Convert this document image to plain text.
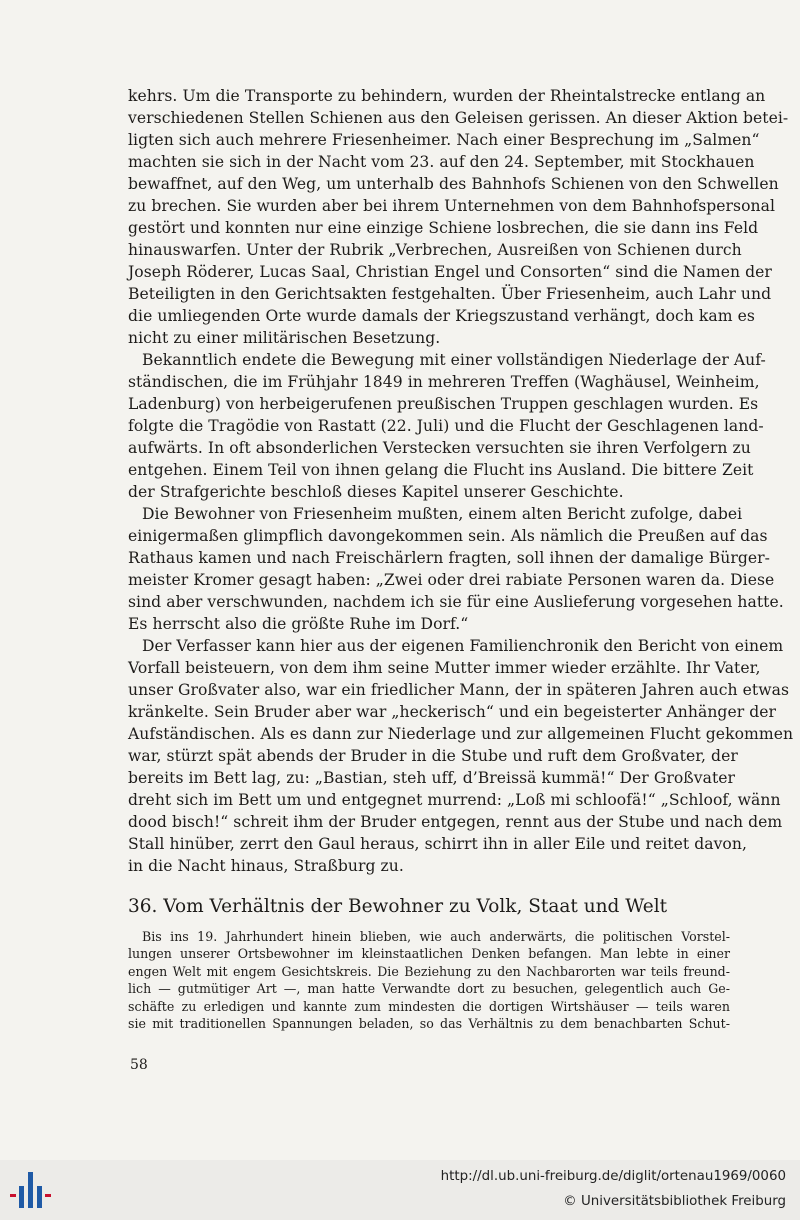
kehrs. Um die Transporte zu behindern, wurden der Rheintalstrecke entlang an
verschiedenen Stellen Schienen aus den Geleisen gerissen. An dieser Aktion betei-
ligten sich auch mehrere Friesenheimer. Nach einer Besprechung im „Salmen“
machten sie sich in der Nacht vom 23. auf den 24. September, mit Stockhauen
bewaffnet, auf den Weg, um unterhalb des Bahnhofs Schienen von den Schwellen
zu brechen. Sie wurden aber bei ihrem Unternehmen von dem Bahnhofspersonal
gestört und konnten nur eine einzige Schiene losbrechen, die sie dann ins Feld
hinauswarfen. Unter der Rubrik „Verbrechen, Ausreißen von Schienen durch
Joseph Röderer, Lucas Saal, Christian Engel und Consorten“ sind die Namen der
Beteiligten in den Gerichtsakten festgehalten. Über Friesenheim, auch Lahr und
die umliegenden Orte wurde damals der Kriegszustand verhängt, doch kam es
nicht zu einer militärischen Besetzung.
Bekanntlich endete die Bewegung mit einer vollständigen Niederlage der Auf-
ständischen, die im Frühjahr 1849 in mehreren Treffen (Waghäusel, Weinheim,
Ladenburg) von herbeigerufenen preußischen Truppen geschlagen wurden. Es
folgte die Tragödie von Rastatt (22. Juli) und die Flucht der Geschlagenen land-
aufwärts. In oft absonderlichen Verstecken versuchten sie ihren Verfolgern zu
entgehen. Einem Teil von ihnen gelang die Flucht ins Ausland. Die bittere Zeit
der Strafgerichte beschloß dieses Kapitel unserer Geschichte.
Die Bewohner von Friesenheim mußten, einem alten Bericht zufolge, dabei
einigermaßen glimpflich davongekommen sein. Als nämlich die Preußen auf das
Rathaus kamen und nach Freischärlern fragten, soll ihnen der damalige Bürger-
meister Kromer gesagt haben: „Zwei oder drei rabiate Personen waren da. Diese
sind aber verschwunden, nachdem ich sie für eine Auslieferung vorgesehen hatte.
Es herrscht also die größte Ruhe im Dorf.“
Der Verfasser kann hier aus der eigenen Familienchronik den Bericht von einem
Vorfall beisteuern, von dem ihm seine Mutter immer wieder erzählte. Ihr Vater,
unser Großvater also, war ein friedlicher Mann, der in späteren Jahren auch etwas
kränkelte. Sein Bruder aber war „heckerisch“ und ein begeisterter Anhänger der
Aufständischen. Als es dann zur Niederlage und zur allgemeinen Flucht gekommen
war, stürzt spät abends der Bruder in die Stube und ruft dem Großvater, der
bereits im Bett lag, zu: „Bastian, steh uff, d’Breissä kummä!“ Der Großvater
dreht sich im Bett um und entgegnet murrend: „Loß mi schloofä!“ „Schloof, wänn
dood bisch!“ schreit ihm der Bruder entgegen, rennt aus der Stube und nach dem
Stall hinüber, zerrt den Gaul heraus, schirrt ihn in aller Eile und reitet davon,
in die Nacht hinaus, Straßburg zu.
36. Vom Verhältnis der Bewohner zu Volk, Staat und Welt
Bis ins 19. Jahrhundert hinein blieben, wie auch anderwärts, die politischen Vorstel-
lungen unserer Ortsbewohner im kleinstaatlichen Denken befangen. Man lebte in einer
engen Welt mit engem Gesichtskreis. Die Beziehung zu den Nachbarorten war teils freund-
lich — gutmütiger Art —, man hatte Verwandte dort zu besuchen, gelegentlich auch Ge-
schäfte zu erledigen und kannte zum mindesten die dortigen Wirtshäuser — teils waren
sie mit traditionellen Spannungen beladen, so das Verhältnis zu dem benachbarten Schut-
58
http://dl.ub.uni-freiburg.de/diglit/ortenau1969/0060
© Universitätsbibliothek Freiburg
